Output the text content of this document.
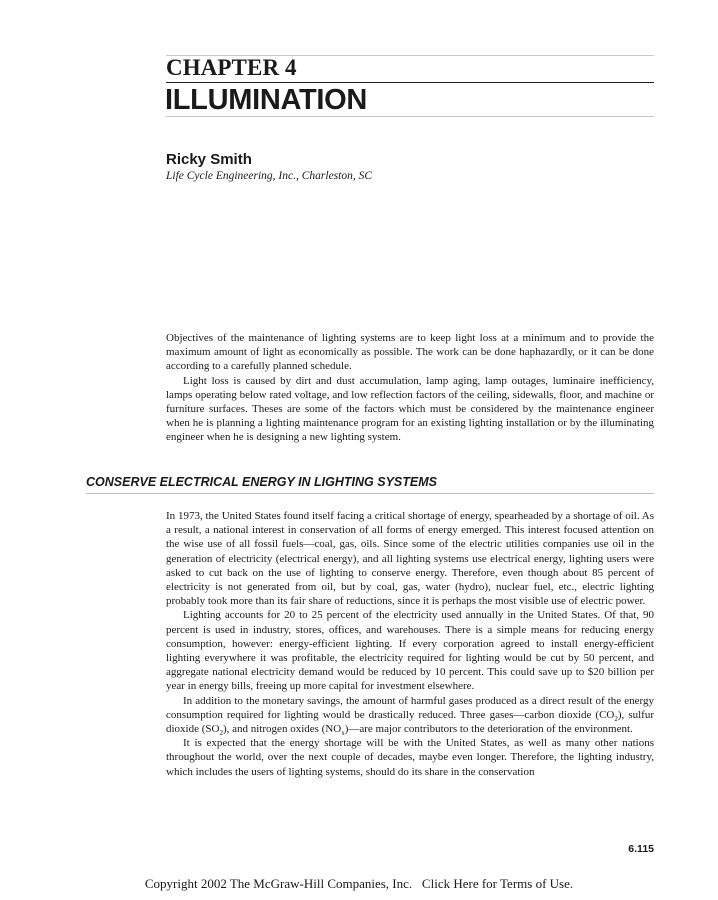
CHAPTER 4
ILLUMINATION
Ricky Smith
Life Cycle Engineering, Inc., Charleston, SC

Objectives of the maintenance of lighting systems are to keep light loss at a minimum and to provide the maximum amount of light as economically as possible. The work can be done haphazardly, or it can be done according to a carefully planned schedule.

Light loss is caused by dirt and dust accumulation, lamp aging, lamp outages, luminaire inefficiency, lamps operating below rated voltage, and low reflection factors of the ceiling, sidewalls, floor, and machine or furniture surfaces. Theses are some of the factors which must be considered by the maintenance engineer when he is planning a lighting maintenance program for an existing lighting installation or by the illuminating engineer when he is designing a new lighting system.

CONSERVE ELECTRICAL ENERGY IN LIGHTING SYSTEMS

In 1973, the United States found itself facing a critical shortage of energy, spearheaded by a shortage of oil. As a result, a national interest in conservation of all forms of energy emerged. This interest focused attention on the wise use of all fossil fuels—coal, gas, oils. Since some of the electric utilities companies use oil in the generation of electricity (electrical energy), and all lighting systems use electrical energy, lighting users were asked to cut back on the use of lighting to conserve energy. Therefore, even though about 85 percent of electricity is not generated from oil, but by coal, gas, water (hydro), nuclear fuel, etc., electric lighting probably took more than its fair share of reductions, since it is perhaps the most visible use of electric power.

Lighting accounts for 20 to 25 percent of the electricity used annually in the United States. Of that, 90 percent is used in industry, stores, offices, and warehouses. There is a simple means for reducing energy consumption, however: energy-efficient lighting. If every corporation agreed to install energy-efficient lighting everywhere it was profitable, the electricity required for lighting would be cut by 50 percent, and aggregate national electricity demand would be reduced by 10 percent. This could save up to $20 billion per year in energy bills, freeing up more capital for investment elsewhere.

In addition to the monetary savings, the amount of harmful gases produced as a direct result of the energy consumption required for lighting would be drastically reduced. Three gases—carbon dioxide $(CO_2)$, sulfur dioxide $(SO_2)$, and nitrogen oxides $(NO_x)—are$ major contributors to the deterioration of the environment.

It is expected that the energy shortage will be with the United States, as well as many other nations throughout the world, over the next couple of decades, maybe even longer. Therefore, the lighting industry, which includes the users of lighting systems, should do its share in the conservation

6.115
Copyright 2002 The McGraw-Hill Companies, Inc. Click Here for Terms of Use.
